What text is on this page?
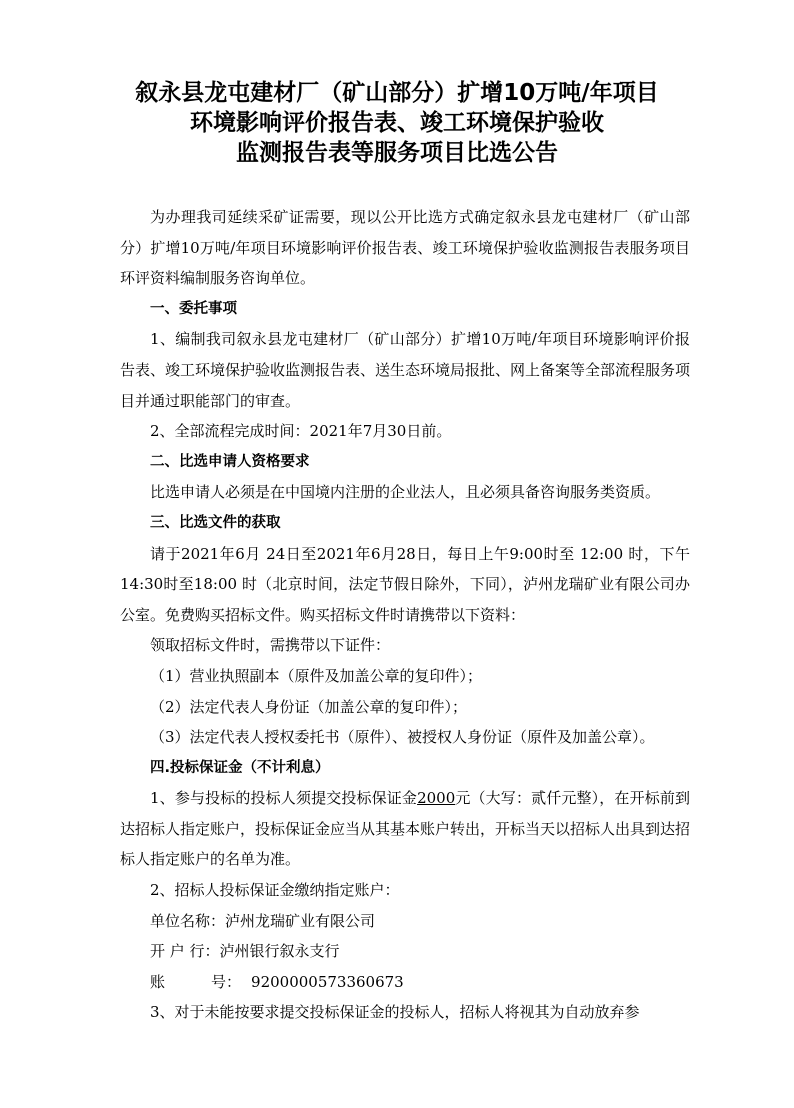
叙永县龙屯建材厂（矿山部分）扩增10万吨/年项目
环境影响评价报告表、竣工环境保护验收
监测报告表等服务项目比选公告

为办理我司延续采矿证需要，现以公开比选方式确定叙永县龙屯建材厂（矿山部分）扩增10万吨/年项目环境影响评价报告表、竣工环境保护验收监测报告表服务项目环评资料编制服务咨询单位。

一、委托事项

1、编制我司叙永县龙屯建材厂（矿山部分）扩增10万吨/年项目环境影响评价报告表、竣工环境保护验收监测报告表、送生态环境局报批、网上备案等全部流程服务项目并通过职能部门的审查。

2、全部流程完成时间：2021年7月30日前。

二、比选申请人资格要求

比选申请人必须是在中国境内注册的企业法人，且必须具备咨询服务类资质。

三、比选文件的获取

请于2021年6月 24日至2021年6月28日，每日上午9:00时至 12:00 时，下午14:30时至18:00 时（北京时间，法定节假日除外，下同），泸州龙瑞矿业有限公司办公室。免费购买招标文件。购买招标文件时请携带以下资料：

领取招标文件时，需携带以下证件：

（1）营业执照副本（原件及加盖公章的复印件）；

（2）法定代表人身份证（加盖公章的复印件）；

（3）法定代表人授权委托书（原件）、被授权人身份证（原件及加盖公章）。

四.投标保证金（不计利息）

1、参与投标的投标人须提交投标保证金2000元（大写：贰仟元整），在开标前到达招标人指定账户，投标保证金应当从其基本账户转出，开标当天以招标人出具到达招标人指定账户的名单为准。

2、招标人投标保证金缴纳指定账户：

单位名称：泸州龙瑞矿业有限公司

开 户 行：泸州银行叙永支行

账	号： 9200000573360673

3、对于未能按要求提交投标保证金的投标人，招标人将视其为自动放弃参
